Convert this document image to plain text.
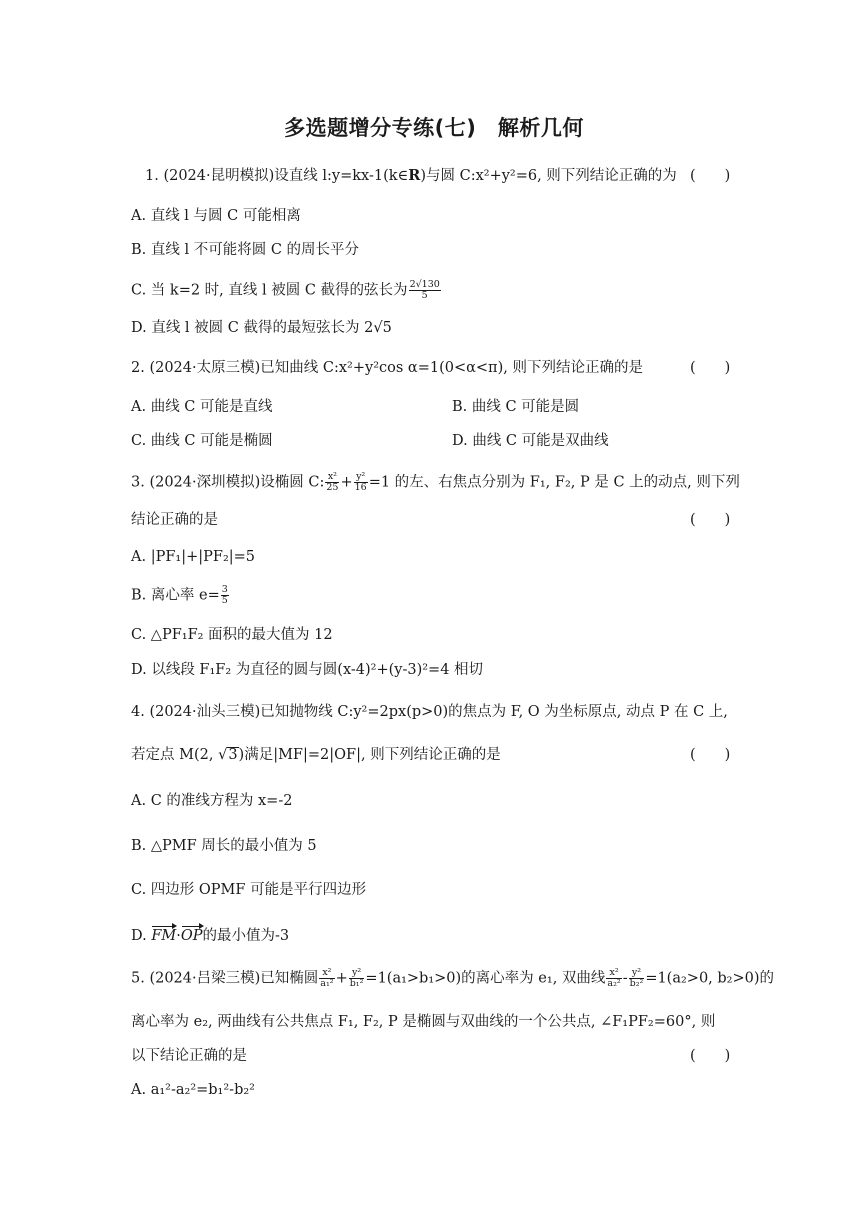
多选题增分专练(七)　解析几何
1. (2024·昆明模拟)设直线 l:y=kx-1(k∈R)与圆 C:x²+y²=6, 则下列结论正确的为 (　　)
A. 直线 l 与圆 C 可能相离
B. 直线 l 不可能将圆 C 的周长平分
C. 当 k=2 时, 直线 l 被圆 C 截得的弦长为 $\frac{2√130}{5}$
D. 直线 l 被圆 C 截得的最短弦长为 2√5
2. (2024·太原三模)已知曲线 C:x²+y²cos α=1(0<α<π), 则下列结论正确的是	(　　)
A. 曲线 C 可能是直线	B. 曲线 C 可能是圆
C. 曲线 C 可能是椭圆	D. 曲线 C 可能是双曲线
3. (2024·深圳模拟)设椭圆 C: $\frac{\text{x²}}{25} + \frac{\text{y²}}{16} =1$ 的左、右焦点分别为 F₁, F₂, P 是 C 上的动点, 则下列
结论正确的是	(　　)
A. |PF₁|+|PF₂|=5
B. 离心率 $e= \frac{3}{5}$
C. △PF₁F₂ 面积的最大值为 12
D. 以线段 F₁F₂ 为直径的圆与圆(x-4)²+(y-3)²=4 相切
4. (2024·汕头三模)已知抛物线 C:y²=2px(p>0)的焦点为 F, O 为坐标原点, 动点 P 在 C 上,
若定点 M(2, √3)满足|MF|=2|OF|, 则下列结论正确的是	(　　)
A. C 的准线方程为 x=-2
B. △PMF 周长的最小值为 5
C. 四边形 OPMF 可能是平行四边形
D. FM·OP的最小值为-3
5. (2024·吕梁三模)已知椭圆 $\frac{\text{x²}}{\text{a₁²}} + \frac{\text{y²}}{\text{b₁²}} =1(a_1>b_1>0)$的离心率为 e₁, 双曲线 $\frac{\text{x²}}{\text{a₂²}} - \frac{\text{y²}}{\text{b₂²}} =1(a_2>0$, b₂>0)的
离心率为 e₂, 两曲线有公共焦点 F₁, F₂, P 是椭圆与双曲线的一个公共点, ∠F₁PF₂=60°, 则
以下结论正确的是	(　　)
A. a₁²-a₂²=b₁²-b₂²
